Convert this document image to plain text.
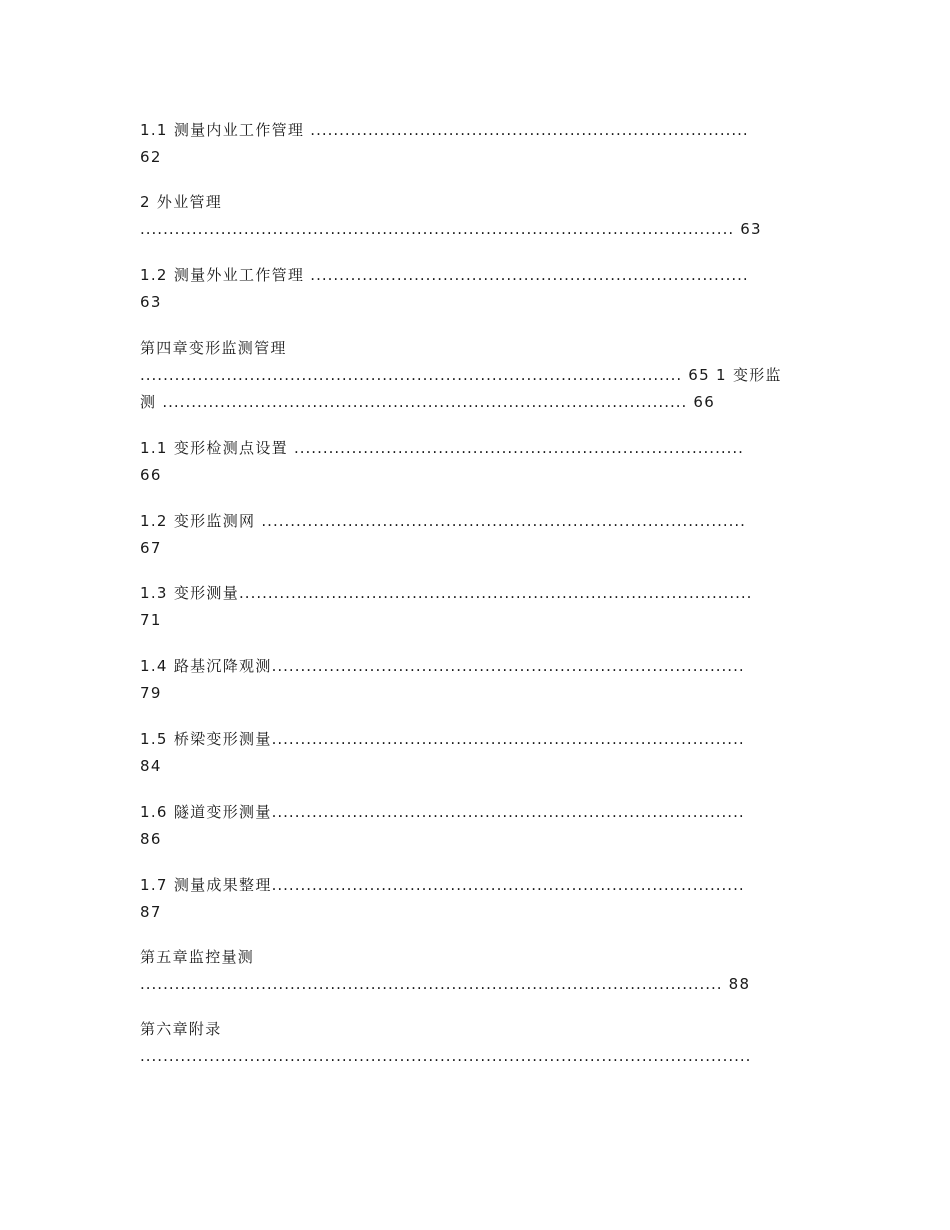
1.1 测量内业工作管理 ............................................................................

62

2 外业管理

....................................................................................................... 63

1.2 测量外业工作管理 ............................................................................

63

第四章变形监测管理

.............................................................................................. 65 1 变形监

测 ........................................................................................... 66

1.1 变形检测点设置 ..............................................................................

66

1.2 变形监测网 ....................................................................................

67

1.3 变形测量.........................................................................................

71

1.4 路基沉降观测..................................................................................

79

1.5 桥梁变形测量..................................................................................

84

1.6 隧道变形测量..................................................................................

86

1.7 测量成果整理..................................................................................

87

第五章监控量测

..................................................................................................... 88

第六章附录

..........................................................................................................
